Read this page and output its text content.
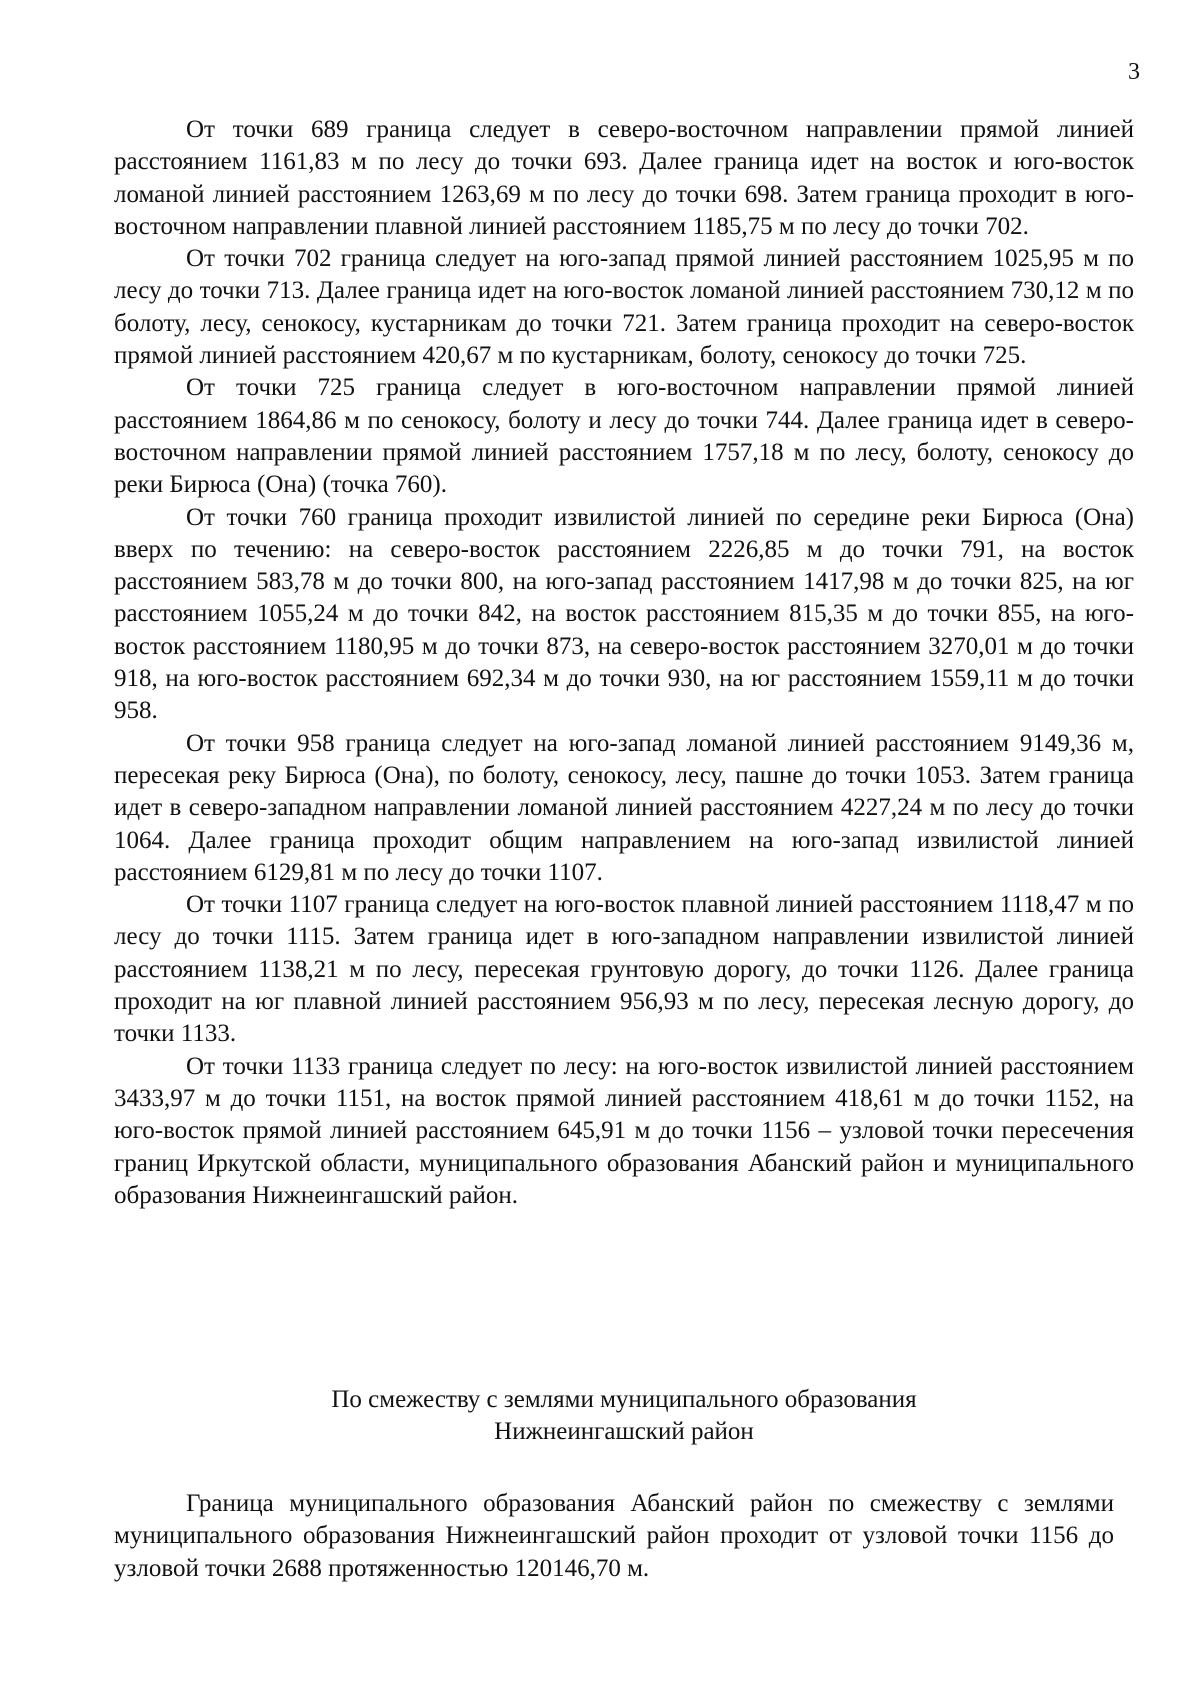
3

От точки 689 граница следует в северо-восточном направлении прямой линией расстоянием 1161,83 м по лесу до точки 693. Далее граница идет на восток и юго-восток ломаной линией расстоянием 1263,69 м по лесу до точки 698. Затем граница проходит в юго-восточном направлении плавной линией расстоянием 1185,75 м по лесу до точки 702.

От точки 702 граница следует на юго-запад прямой линией расстоянием 1025,95 м по лесу до точки 713. Далее граница идет на юго-восток ломаной линией расстоянием 730,12 м по болоту, лесу, сенокосу, кустарникам до точки 721. Затем граница проходит на северо-восток прямой линией расстоянием 420,67 м по кустарникам, болоту, сенокосу до точки 725.

От точки 725 граница следует в юго-восточном направлении прямой линией расстоянием 1864,86 м по сенокосу, болоту и лесу до точки 744. Далее граница идет в северо-восточном направлении прямой линией расстоянием 1757,18 м по лесу, болоту, сенокосу до реки Бирюса (Она) (точка 760).

От точки 760 граница проходит извилистой линией по середине реки Бирюса (Она) вверх по течению: на северо-восток расстоянием 2226,85 м до точки 791, на восток расстоянием 583,78 м до точки 800, на юго-запад расстоянием 1417,98 м до точки 825, на юг расстоянием 1055,24 м до точки 842, на восток расстоянием 815,35 м до точки 855, на юго-восток расстоянием 1180,95 м до точки 873, на северо-восток расстоянием 3270,01 м до точки 918, на юго-восток расстоянием 692,34 м до точки 930, на юг расстоянием 1559,11 м до точки 958.

От точки 958 граница следует на юго-запад ломаной линией расстоянием 9149,36 м, пересекая реку Бирюса (Она), по болоту, сенокосу, лесу, пашне до точки 1053. Затем граница идет в северо-западном направлении ломаной линией расстоянием 4227,24 м по лесу до точки 1064. Далее граница проходит общим направлением на юго-запад извилистой линией расстоянием 6129,81 м по лесу до точки 1107.

От точки 1107 граница следует на юго-восток плавной линией расстоянием 1118,47 м по лесу до точки 1115. Затем граница идет в юго-западном направлении извилистой линией расстоянием 1138,21 м по лесу, пересекая грунтовую дорогу, до точки 1126. Далее граница проходит на юг плавной линией расстоянием 956,93 м по лесу, пересекая лесную дорогу, до точки 1133.

От точки 1133 граница следует по лесу: на юго-восток извилистой линией расстоянием 3433,97 м до точки 1151, на восток прямой линией расстоянием 418,61 м до точки 1152, на юго-восток прямой линией расстоянием 645,91 м до точки 1156 – узловой точки пересечения границ Иркутской области, муниципального образования Абанский район и муниципального образования Нижнеингашский район.

По смежеству с землями муниципального образования
Нижнеингашский район

Граница муниципального образования Абанский район по смежеству с землями муниципального образования Нижнеингашский район проходит от узловой точки 1156 до узловой точки 2688 протяженностью 120146,70 м.
